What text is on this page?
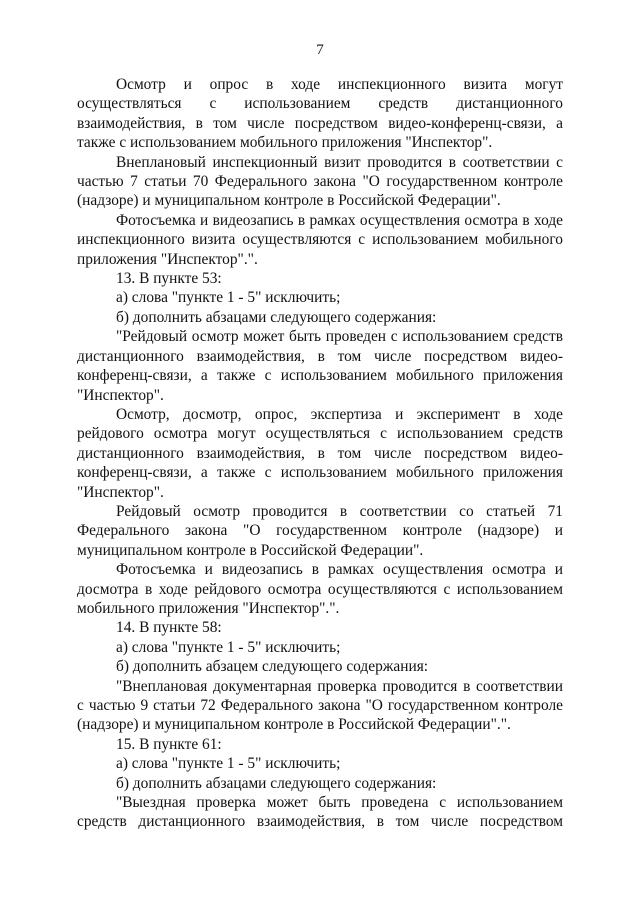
7

Осмотр и опрос в ходе инспекционного визита могут осуществляться с использованием средств дистанционного взаимодействия, в том числе посредством видео-конференц-связи, а также с использованием мобильного приложения "Инспектор".

Внеплановый инспекционный визит проводится в соответствии с частью 7 статьи 70 Федерального закона "О государственном контроле (надзоре) и муниципальном контроле в Российской Федерации".

Фотосъемка и видеозапись в рамках осуществления осмотра в ходе инспекционного визита осуществляются с использованием мобильного приложения "Инспектор".".

13. В пункте 53:

а) слова "пункте 1 - 5" исключить;

б) дополнить абзацами следующего содержания:

"Рейдовый осмотр может быть проведен с использованием средств дистанционного взаимодействия, в том числе посредством видео-конференц-связи, а также с использованием мобильного приложения "Инспектор".

Осмотр, досмотр, опрос, экспертиза и эксперимент в ходе рейдового осмотра могут осуществляться с использованием средств дистанционного взаимодействия, в том числе посредством видео-конференц-связи, а также с использованием мобильного приложения "Инспектор".

Рейдовый осмотр проводится в соответствии со статьей 71 Федерального закона "О государственном контроле (надзоре) и муниципальном контроле в Российской Федерации".

Фотосъемка и видеозапись в рамках осуществления осмотра и досмотра в ходе рейдового осмотра осуществляются с использованием мобильного приложения "Инспектор".".

14. В пункте 58:

а) слова "пункте 1 - 5" исключить;

б) дополнить абзацем следующего содержания:

"Внеплановая документарная проверка проводится в соответствии с частью 9 статьи 72 Федерального закона "О государственном контроле (надзоре) и муниципальном контроле в Российской Федерации".".

15. В пункте 61:

а) слова "пункте 1 - 5" исключить;

б) дополнить абзацами следующего содержания:

"Выездная проверка может быть проведена с использованием средств дистанционного взаимодействия, в том числе посредством
